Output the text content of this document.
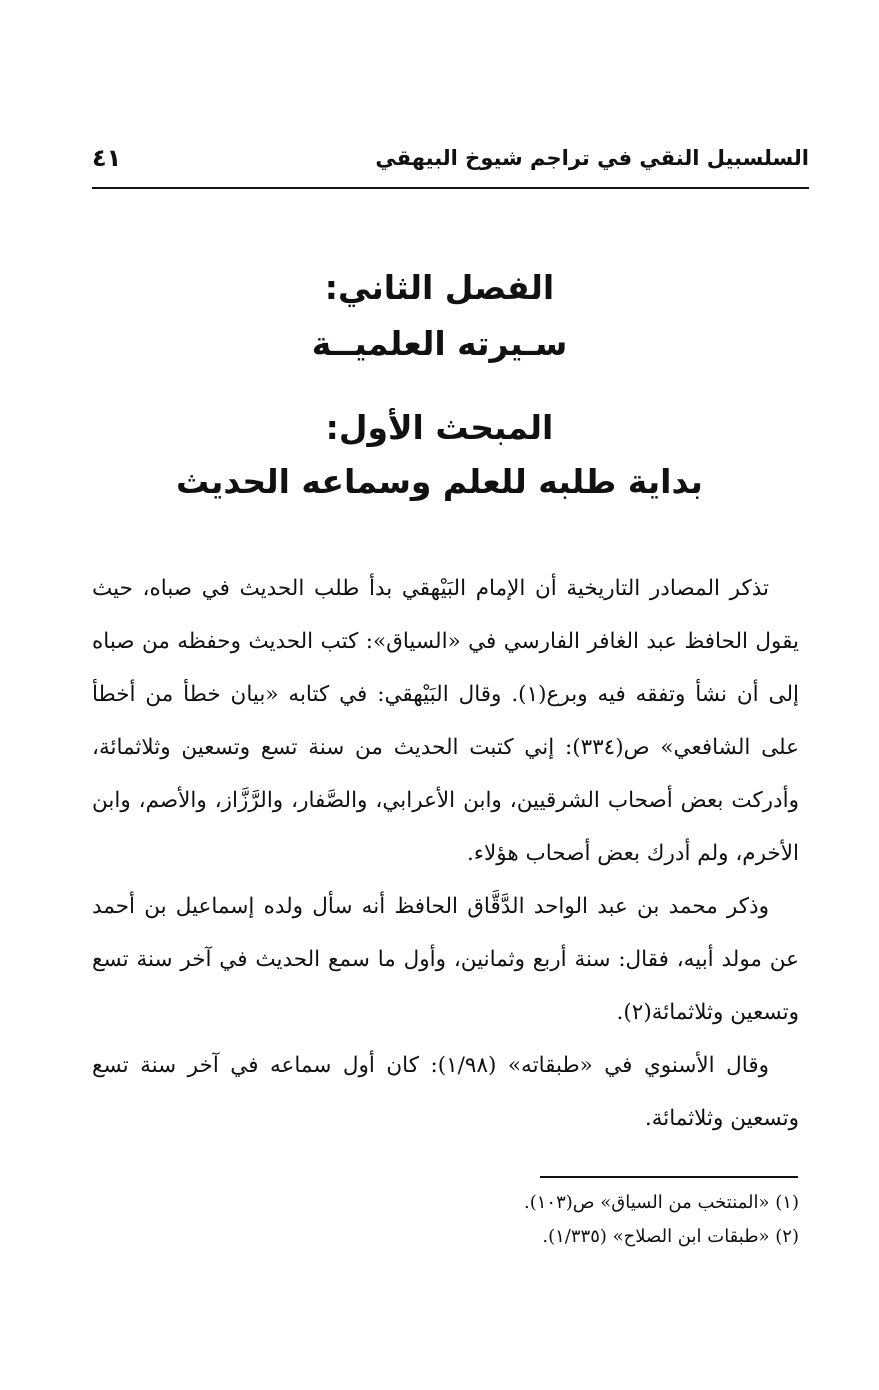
السلسبيل النقي في تراجم شيوخ البيهقي
٤١
الفصل الثاني:
سـيرته العلميــة
المبحث الأول:
بداية طلبه للعلم وسماعه الحديث

تذكر المصادر التاريخية أن الإمام البَيْهقي بدأ طلب الحديث في صباه، حيث يقول الحافظ عبد الغافر الفارسي في «السياق»: كتب الحديث وحفظه من صباه إلى أن نشأ وتفقه فيه وبرع(١). وقال البَيْهقي: في كتابه «بيان خطأ من أخطأ على الشافعي» ص(٣٣٤): إني كتبت الحديث من سنة تسع وتسعين وثلاثمائة، وأدركت بعض أصحاب الشرقيين، وابن الأعرابي، والصَّفار، والرَّزَّاز، والأصم، وابن الأخرم، ولم أدرك بعض أصحاب هؤلاء.

وذكر محمد بن عبد الواحد الدَّقَّاق الحافظ أنه سأل ولده إسماعيل بن أحمد عن مولد أبيه، فقال: سنة أربع وثمانين، وأول ما سمع الحديث في آخر سنة تسع وتسعين وثلاثمائة(٢).

وقال الأسنوي في «طبقاته» (١/٩٨): كان أول سماعه في آخر سنة تسع وتسعين وثلاثمائة.

(١) «المنتخب من السياق» ص(١٠٣).
(٢) «طبقات ابن الصلاح» (١/٣٣٥).
